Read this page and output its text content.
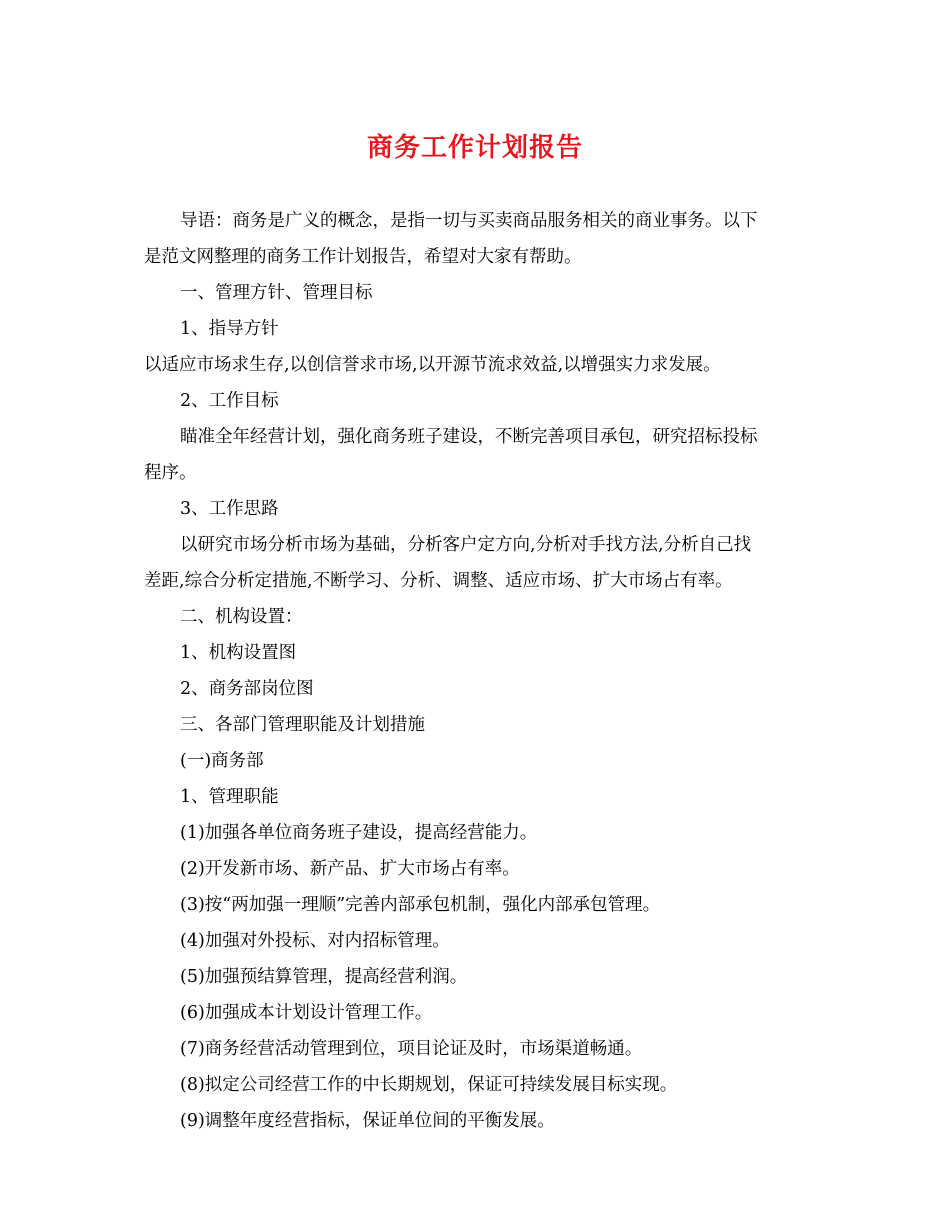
商务工作计划报告

导语：商务是广义的概念，是指一切与买卖商品服务相关的商业事务。以下

是范文网整理的商务工作计划报告，希望对大家有帮助。

一、管理方针、管理目标

1、指导方针

以适应市场求生存,以创信誉求市场,以开源节流求效益,以增强实力求发展。

2、工作目标

瞄准全年经营计划，强化商务班子建设，不断完善项目承包，研究招标投标

程序。

3、工作思路

以研究市场分析市场为基础，分析客户定方向,分析对手找方法,分析自己找

差距,综合分析定措施,不断学习、分析、调整、适应市场、扩大市场占有率。

二、机构设置：

1、机构设置图

2、商务部岗位图

三、各部门管理职能及计划措施

(一)商务部

1、管理职能

(1)加强各单位商务班子建设，提高经营能力。

(2)开发新市场、新产品、扩大市场占有率。

(3)按“两加强一理顺”完善内部承包机制，强化内部承包管理。

(4)加强对外投标、对内招标管理。

(5)加强预结算管理，提高经营利润。

(6)加强成本计划设计管理工作。

(7)商务经营活动管理到位，项目论证及时，市场渠道畅通。

(8)拟定公司经营工作的中长期规划，保证可持续发展目标实现。

(9)调整年度经营指标，保证单位间的平衡发展。
